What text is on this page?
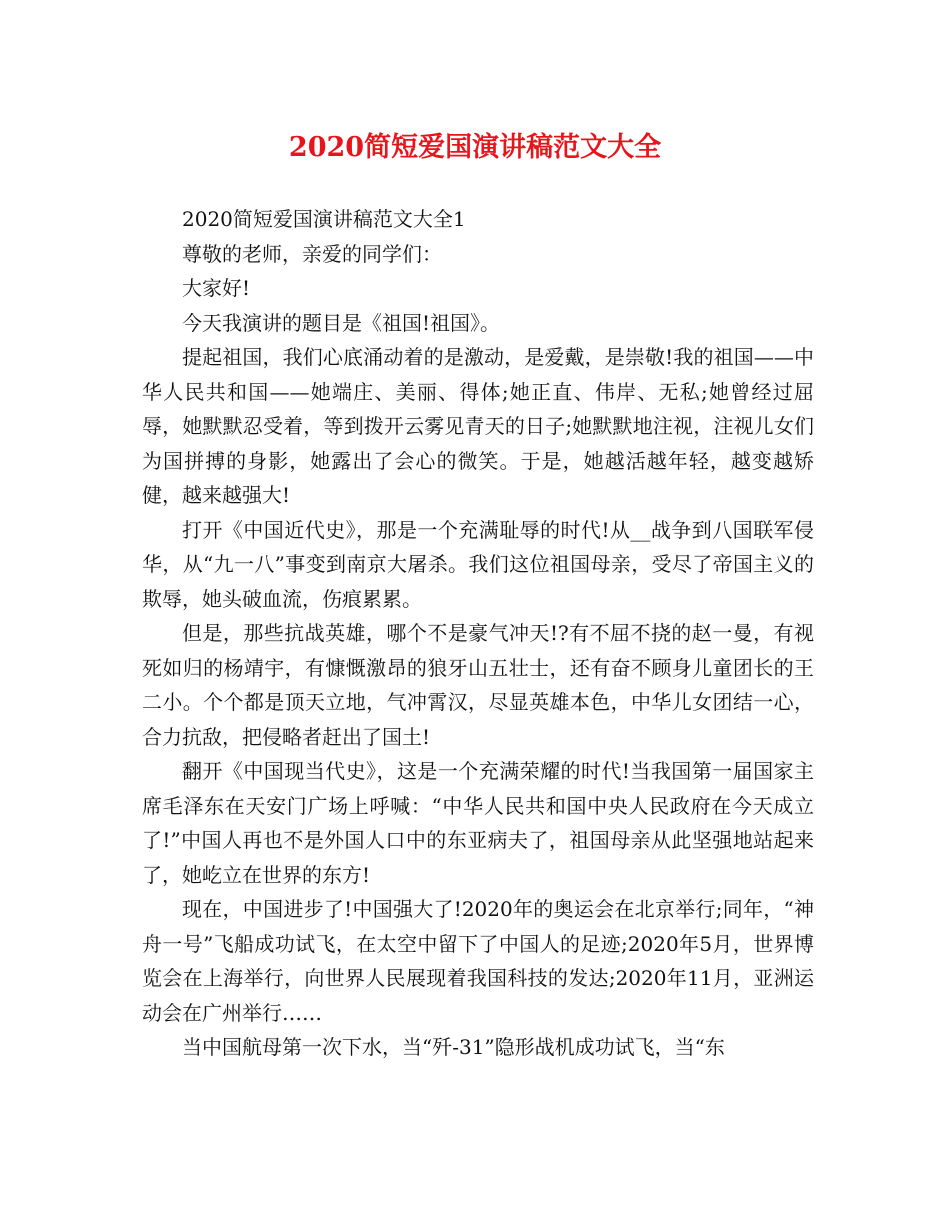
2020简短爱国演讲稿范文大全

2020简短爱国演讲稿范文大全1

尊敬的老师，亲爱的同学们：

大家好!

今天我演讲的题目是《祖国!祖国》。

提起祖国，我们心底涌动着的是激动，是爱戴，是崇敬!我的祖国——中华人民共和国——她端庄、美丽、得体;她正直、伟岸、无私;她曾经过屈辱，她默默忍受着，等到拨开云雾见青天的日子;她默默地注视，注视儿女们为国拼搏的身影，她露出了会心的微笑。于是，她越活越年轻，越变越矫健，越来越强大!

打开《中国近代史》，那是一个充满耻辱的时代!从__战争到八国联军侵华，从“九一八”事变到南京大屠杀。我们这位祖国母亲，受尽了帝国主义的欺辱，她头破血流，伤痕累累。

但是，那些抗战英雄，哪个不是豪气冲天!?有不屈不挠的赵一曼，有视死如归的杨靖宇，有慷慨激昂的狼牙山五壮士，还有奋不顾身儿童团长的王二小。个个都是顶天立地，气冲霄汉，尽显英雄本色，中华儿女团结一心，合力抗敌，把侵略者赶出了国土!

翻开《中国现当代史》，这是一个充满荣耀的时代!当我国第一届国家主席毛泽东在天安门广场上呼喊：“中华人民共和国中央人民政府在今天成立了!”中国人再也不是外国人口中的东亚病夫了，祖国母亲从此坚强地站起来了，她屹立在世界的东方!

现在，中国进步了!中国强大了!2020年的奥运会在北京举行;同年，“神舟一号”飞船成功试飞，在太空中留下了中国人的足迹;2020年5月，世界博览会在上海举行，向世界人民展现着我国科技的发达;2020年11月，亚洲运动会在广州举行……

当中国航母第一次下水，当“歼-31”隐形战机成功试飞，当“东
